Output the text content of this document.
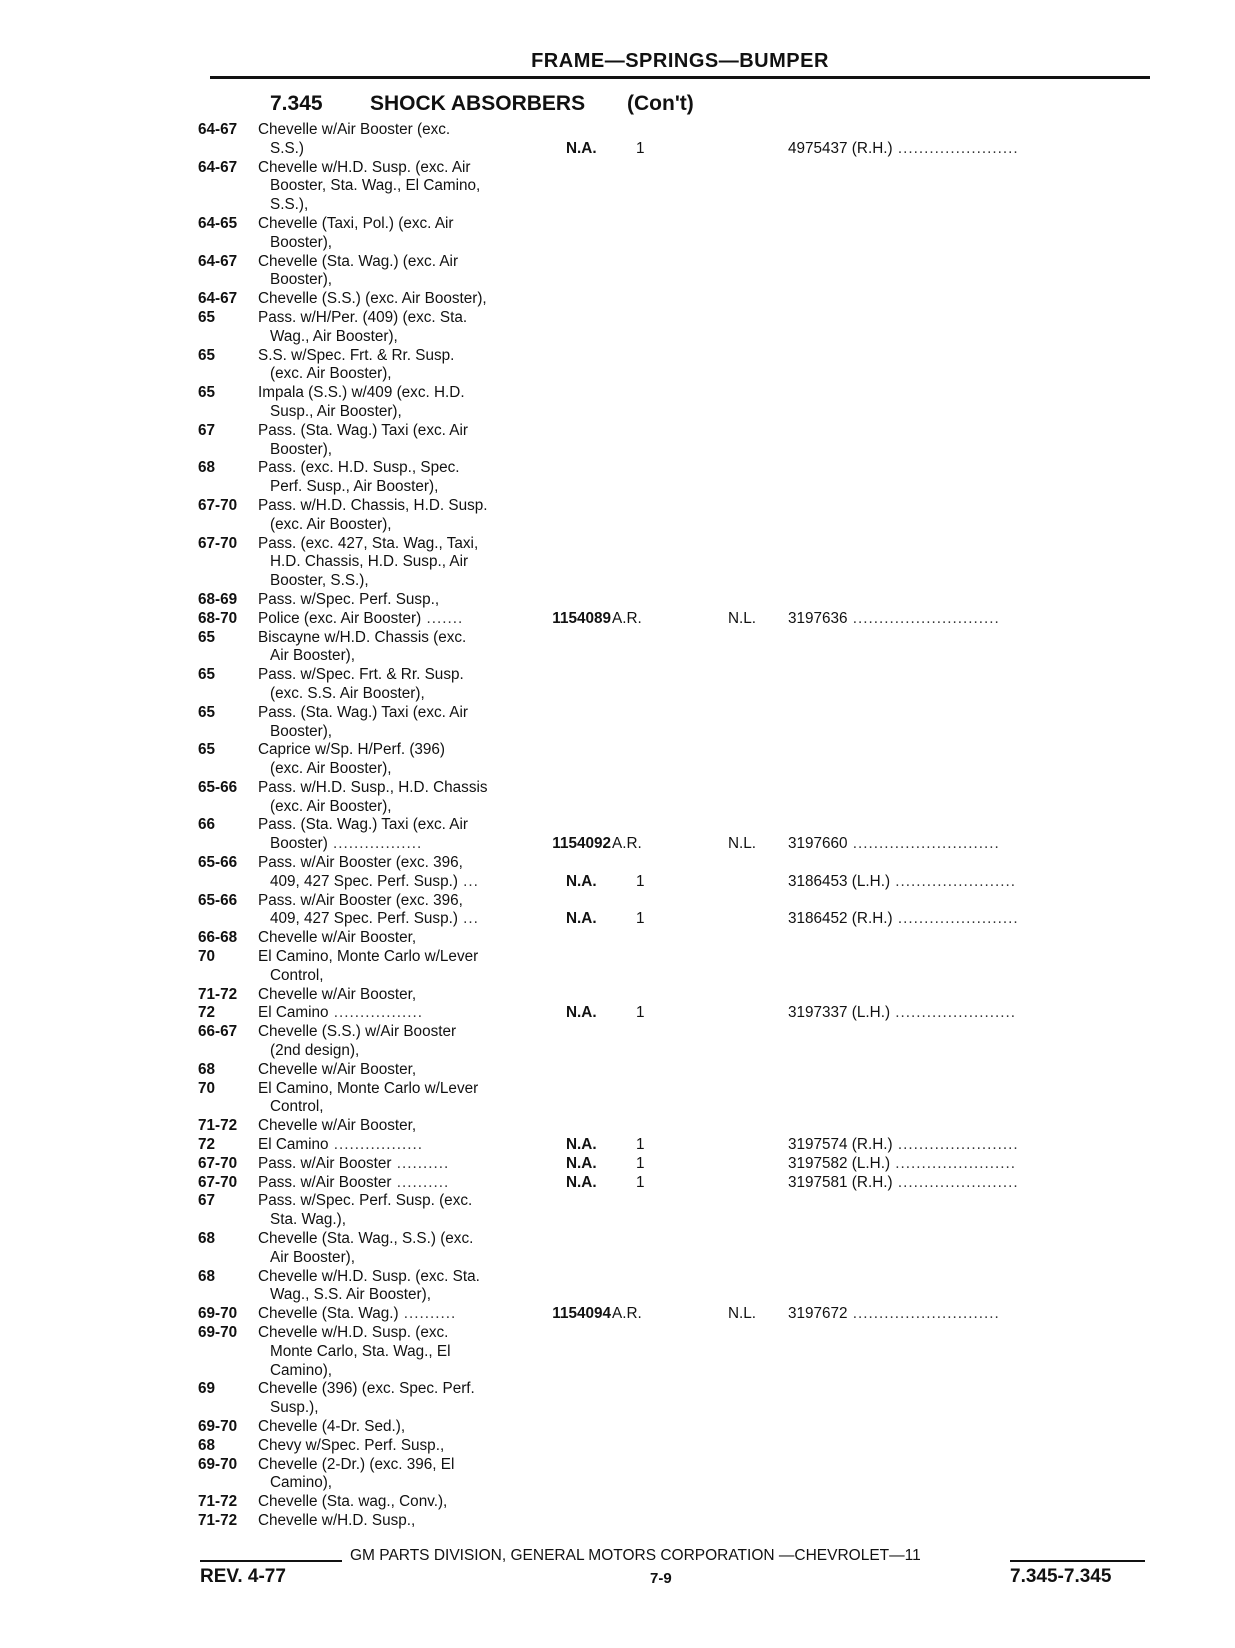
FRAME—SPRINGS—BUMPER
7.345 SHOCK ABSORBERS (Con't)
64-67 Chevelle w/Air Booster (exc.
S.S.)	N.A.	1	4975437 (R.H.) .......................
64-67 Chevelle w/H.D. Susp. (exc. Air
Booster, Sta. Wag., El Camino,
S.S.),
64-65 Chevelle (Taxi, Pol.) (exc. Air
Booster),
64-67 Chevelle (Sta. Wag.) (exc. Air
Booster),
64-67 Chevelle (S.S.) (exc. Air Booster),
65	Pass. w/H/Per. (409) (exc. Sta.
Wag., Air Booster),
65	S.S. w/Spec. Frt. & Rr. Susp.
(exc. Air Booster),
65	Impala (S.S.) w/409 (exc. H.D.
Susp., Air Booster),
67	Pass. (Sta. Wag.) Taxi (exc. Air
Booster),
68	Pass. (exc. H.D. Susp., Spec.
Perf. Susp., Air Booster),
67-70 Pass. w/H.D. Chassis, H.D. Susp.
(exc. Air Booster),
67-70 Pass. (exc. 427, Sta. Wag., Taxi,
H.D. Chassis, H.D. Susp., Air
Booster, S.S.),
68-69 Pass. w/Spec. Perf. Susp.,
68-70 Police (exc. Air Booster) .......	1154089 A.R.	N.L. 3197636 ............................
65	Biscayne w/H.D. Chassis (exc.
Air Booster),
65	Pass. w/Spec. Frt. & Rr. Susp.
(exc. S.S. Air Booster),
65	Pass. (Sta. Wag.) Taxi (exc. Air
Booster),
65	Caprice w/Sp. H/Perf. (396)
(exc. Air Booster),
65-66 Pass. w/H.D. Susp., H.D. Chassis
(exc. Air Booster),
66	Pass. (Sta. Wag.) Taxi (exc. Air
Booster) .................	1154092 A.R.	N.L. 3197660 ............................
65-66 Pass. w/Air Booster (exc. 396,
409, 427 Spec. Perf. Susp.) ...	N.A.	1	3186453 (L.H.) .......................
65-66 Pass. w/Air Booster (exc. 396,
409, 427 Spec. Perf. Susp.) ...	N.A.	1	3186452 (R.H.) .......................
66-68 Chevelle w/Air Booster,
70	El Camino, Monte Carlo w/Lever
Control,
71-72 Chevelle w/Air Booster,
72	El Camino .................	N.A.	1	3197337 (L.H.) .......................
66-67 Chevelle (S.S.) w/Air Booster
(2nd design),
68	Chevelle w/Air Booster,
70	El Camino, Monte Carlo w/Lever
Control,
71-72 Chevelle w/Air Booster,
72	El Camino .................	N.A.	1	3197574 (R.H.) .......................
67-70 Pass. w/Air Booster ..........	N.A.	1	3197582 (L.H.) .......................
67-70 Pass. w/Air Booster ..........	N.A.	1	3197581 (R.H.) .......................
67	Pass. w/Spec. Perf. Susp. (exc.
Sta. Wag.),
68	Chevelle (Sta. Wag., S.S.) (exc.
Air Booster),
68	Chevelle w/H.D. Susp. (exc. Sta.
Wag., S.S. Air Booster),
69-70 Chevelle (Sta. Wag.) ..........	1154094 A.R.	N.L. 3197672 ............................
69-70 Chevelle w/H.D. Susp. (exc.
Monte Carlo, Sta. Wag., El
Camino),
69	Chevelle (396) (exc. Spec. Perf.
Susp.),
69-70 Chevelle (4-Dr. Sed.),
68	Chevy w/Spec. Perf. Susp.,
69-70 Chevelle (2-Dr.) (exc. 396, El
Camino),
71-72 Chevelle (Sta. wag., Conv.),
71-72 Chevelle w/H.D. Susp.,
GM PARTS DIVISION, GENERAL MOTORS CORPORATION —CHEVROLET—11
REV. 4-77	7-9	7.345-7.345
